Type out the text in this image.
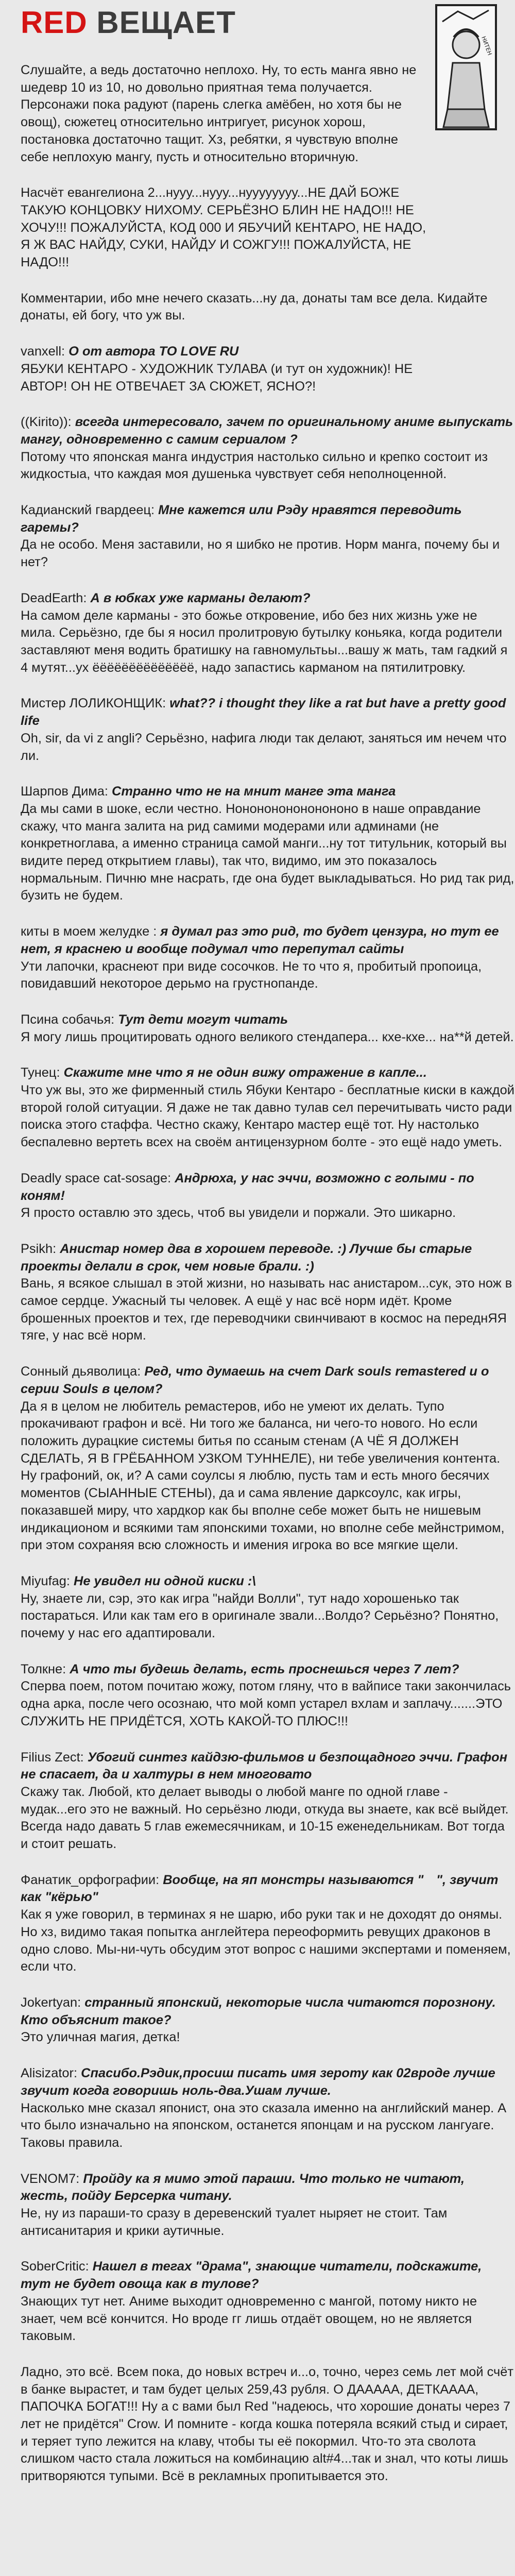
RED ВЕЩАЕТ
НИТЕН

Слушайте, а ведь достаточно неплохо. Ну, то есть манга явно не шедевр 10 из 10, но довольно приятная тема получается. Персонажи пока радуют (парень слегка амёбен, но хотя бы не овощ), сюжетец относительно интригует, рисунок хорош, постановка достаточно тащит. Хз, ребятки, я чувствую вполне себе неплохую мангу, пусть и относительно вторичную.

Насчёт евангелиона 2...нууу...нууу...нуууууууу...НЕ ДАЙ БОЖЕ ТАКУЮ КОНЦОВКУ НИХОМУ. СЕРЬЁЗНО БЛИН НЕ НАДО!!! НЕ ХОЧУ!!! ПОЖАЛУЙСТА, КОД 000 И ЯБУЧИЙ КЕНТАРО, НЕ НАДО, Я Ж ВАС НАЙДУ, СУКИ, НАЙДУ И СОЖГУ!!! ПОЖАЛУЙСТА, НЕ НАДО!!!

Комментарии, ибо мне нечего сказать...ну да, донаты там все дела. Кидайте донаты, ей богу, что уж вы.

vanxell: О от автора TO LOVE RU

ЯБУКИ КЕНТАРО - ХУДОЖНИК ТУЛАВА (и тут он художник)! НЕ АВТОР! ОН НЕ ОТВЕЧАЕТ ЗА СЮЖЕТ, ЯСНО?!

((Kirito)): всегда интересовало, зачем по оригинальному аниме выпускать мангу, одновременно с самим сериалом ?

Потому что японская манга индустрия настолько сильно и крепко состоит из жидкостыа, что каждая моя душенька чувствует себя неполноценной.

Кадианский гвардеец: Мне кажется или Рэду нравятся переводить гаремы?

Да не особо. Меня заставили, но я шибко не против. Норм манга, почему бы и нет?

DeadEarth: А в юбках уже карманы делают?

На самом деле карманы - это божье откровение, ибо без них жизнь уже не мила. Серьёзно, где бы я носил пролитровую бутылку коньяка, когда родители заставляют меня водить братишку на гавномультьы...вашу ж мать, там гадкий я 4 мутят...ух ёёёёёёёёёёёёёё, надо запастись карманом на пятилитровку.

Мистер ЛОЛИКОНЩИК: what?? i thought they like a rat but have a pretty good life

Oh, sir, da vi z angli? Серьёзно, нафига люди так делают, заняться им нечем что ли.

Шарпов Дима: Странно что не на мнит манге эта манга

Да мы сами в шоке, если честно. Нононононононононо в наше оправдание скажу, что манга залита на рид самими модерами или админами (не конкретноглава, а именно страница самой манги...ну тот титульник, который вы видите перед открытием главы), так что, видимо, им это показалось нормальным. Пичню мне насрать, где она будет выкладываться. Но рид так рид, бузить не будем.

киты в моем желудке : я думал раз это рид, то будет цензура, но тут ее нет, я краснею и вообще подумал что перепутал сайты

Ути лапочки, краснеют при виде сосочков. Не то что я, пробитый пропоица, повидавший некоторое дерьмо на грустнопанде.

Псина собачья: Тут дети могут читать

Я могу лишь процитировать одного великого стендапера... кхе-кхе... на**й детей.

Тунец: Скажите мне что я не один вижу отражение в капле...

Что уж вы, это же фирменный стиль Ябуки Кентаро - бесплатные киски в каждой второй голой ситуации. Я даже не так давно тулав сел перечитывать чисто ради поиска этого стаффа. Честно скажу, Кентаро мастер ещё тот. Ну настолько беспалевно вертеть всех на своём антицензурном болте - это ещё надо уметь.

Deadly space cat-sosage: Андрюха, у нас эччи, возможно с голыми - по коням!

Я просто оставлю это здесь, чтоб вы увидели и поржали. Это шикарно.

Psikh: Анистар номер два в хорошем переводе. :) Лучше бы старые проекты делали в срок, чем новые брали. :)

Вань, я всякое слышал в этой жизни, но называть нас анистаром...сук, это нож в самое сердце. Ужасный ты человек. А ещё у нас всё норм идёт. Кроме брошенных проектов и тех, где переводчики свинчивают в космос на переднЯЯ тяге, у нас всё норм.

Сонный дьяволица: Ред, что думаешь на счет Dark souls remastered и о серии Souls в целом?

Да я в целом не любитель ремастеров, ибо не умеют их делать. Тупо прокачивают графон и всё. Ни того же баланса, ни чего-то нового. Но если положить дурацкие системы битья по ссаным стенам (А ЧЁ Я ДОЛЖЕН СДЕЛАТЬ, Я В ГРЁБАННОМ УЗКОМ ТУННЕЛЕ), ни тебе увеличения контента. Ну графоний, ок, и? А сами соулсы я люблю, пусть там и есть много бесячих моментов (СЫАННЫЕ СТЕНЫ), да и сама явление дарксоулс, как игры, показавшей миру, что хардкор как бы вполне себе может быть не нишевым индикационом и всякими там японскими тохами, но вполне себе мейнстримом, при этом сохраняя всю сложность и имения игрока во все мягкие щели.

Miyufag: Не увидел ни одной киски :\

Ну, знаете ли, сэр, это как игра "найди Волли", тут надо хорошенько так постараться. Или как там его в оригинале звали...Волдо? Серьёзно? Понятно, почему у нас его адаптировали.

Толкне: А что ты будешь делать, есть проснешься через 7 лет?

Сперва поем, потом почитаю жожу, потом гляну, что в вайписе таки закончилась одна арка, после чего осознаю, что мой комп устарел вхлам и заплачу.......ЭТО СЛУЖИТЬ НЕ ПРИДЁТСЯ, ХОТЬ КАКОЙ-ТО ПЛЮС!!!

Filius Zect: Убогий синтез кайдзю-фильмов и безпощадного эччи. Графон не спасает, да и халтуры в нем многовато

Скажу так. Любой, кто делает выводы о любой манге по одной главе - мудак...его это не важный. Но серьёзно люди, откуда вы знаете, как всё выйдет. Всегда надо давать 5 глав ежемесячникам, и 10-15 еженедельникам. Вот тогда и стоит решать.

Фанатик_орфографии: Вообще, на яп монстры называются "ᅟ", звучит как "кёрью"

Как я уже говорил, в терминах я не шарю, ибо руки так и не доходят до онямы. Но хз, видимо такая попытка англейтера переоформить ревущих драконов в одно слово. Мы-ни-чуть обсудим этот вопрос с нашими экспертами и поменяем, если что.

Jokertyan: странный японский, некоторые числа читаются порознону. Кто объяснит такое?

Это уличная магия, детка!

Alisizator: Спасибо.Рэдик,просиш писать имя зероту как 02вроде лучше звучит когда говоришь ноль-два.Ушам лучше.

Насколько мне сказал японист, она это сказала именно на английский манер. А что было изначально на японском, останется японцам и на русском лангуаге. Таковы правила.

VENOM7: Пройду ка я мимо этой параши. Что только не читают, жесть, пойду Берсерка читану.

Не, ну из параши-то сразу в деревенский туалет ныряет не стоит. Там антисанитария и крики аутичные.

SoberCritic: Нашел в тегах "драма", знающие читатели, подскажите, тут не будет овоща как в тулове?

Знающих тут нет. Аниме выходит одновременно с мангой, потому никто не знает, чем всё кончится. Но вроде гг лишь отдаёт овощем, но не является таковым.

Ладно, это всё. Всем пока, до новых встреч и...о, точно, через семь лет мой счёт в банке вырастет, и там будет целых 259,43 рубля. О ДААААА, ДЕТКАААА, ПАПОЧКА БОГАТ!!! Ну а с вами был Red "надеюсь, что хорошие донаты через 7 лет не придётся" Crow. И помните - когда кошка потеряла всякий стыд и сирает, и теряет тупо лежится на клаву, чтобы ты её покормил. Что-то эта сволота слишком часто стала ложиться на комбинацию alt#4...так и знал, что коты лишь притворяются тупыми. Всё в рекламных пропитывается это.
